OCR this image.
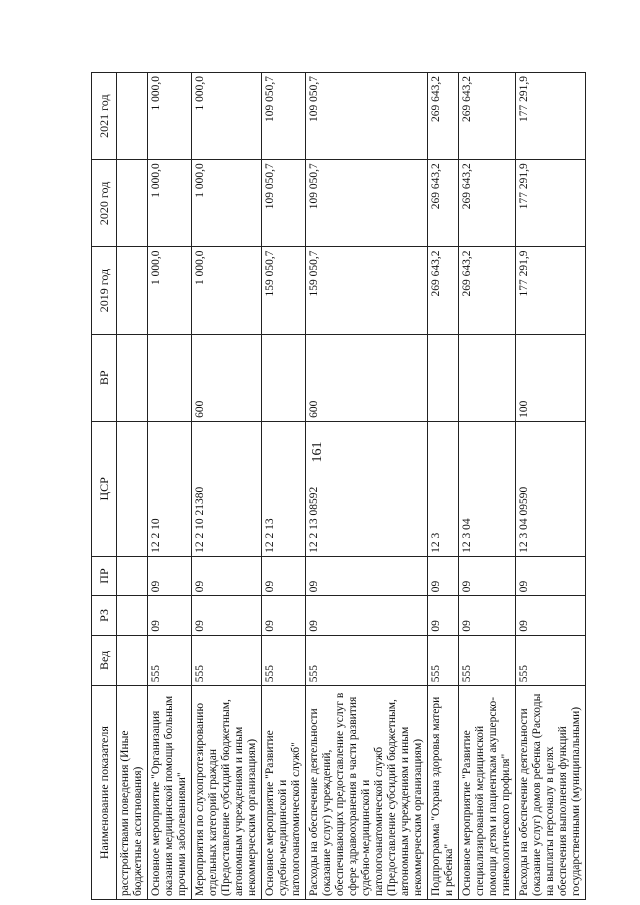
161
Наименование показателя	Вед	РЗ	ПР	ЦСР	ВР	2019 год	2020 год	2021 год
расстройствами поведения (Иные бюджетные ассигнования)								
Основное мероприятие "Организация оказания медицинской помощи больным прочими заболеваниями"	555	09	09	12 2 10		1 000,0	1 000,0	1 000,0
Мероприятия по слухопротезированию отдельных категорий граждан (Предоставление субсидий бюджетным, автономным учреждениям и иным некоммерческим организациям)	555	09	09	12 2 10 21380	600	1 000,0	1 000,0	1 000,0
Основное мероприятие "Развитие судебно-медицинской и патологоанатомической служб"	555	09	09	12 2 13		159 050,7	109 050,7	109 050,7
Расходы на обеспечение деятельности (оказание услуг) учреждений, обеспечивающих предоставление услуг в сфере здравоохранения в части развития судебно-медицинской и патологоанатомической служб (Предоставление субсидий бюджетным, автономным учреждениям и иным некоммерческим организациям)	555	09	09	12 2 13 08592	600	159 050,7	109 050,7	109 050,7
Подпрограмма "Охрана здоровья матери и ребенка"	555	09	09	12 3		269 643,2	269 643,2	269 643,2
Основное мероприятие "Развитие специализированной медицинской помощи детям и пациенткам акушерско-гинекологического профиля"	555	09	09	12 3 04		269 643,2	269 643,2	269 643,2
Расходы на обеспечение деятельности (оказание услуг) домов ребенка (Расходы на выплаты персоналу в целях обеспечения выполнения функций государственными (муниципальными)	555	09	09	12 3 04 09590	100	177 291,9	177 291,9	177 291,9
